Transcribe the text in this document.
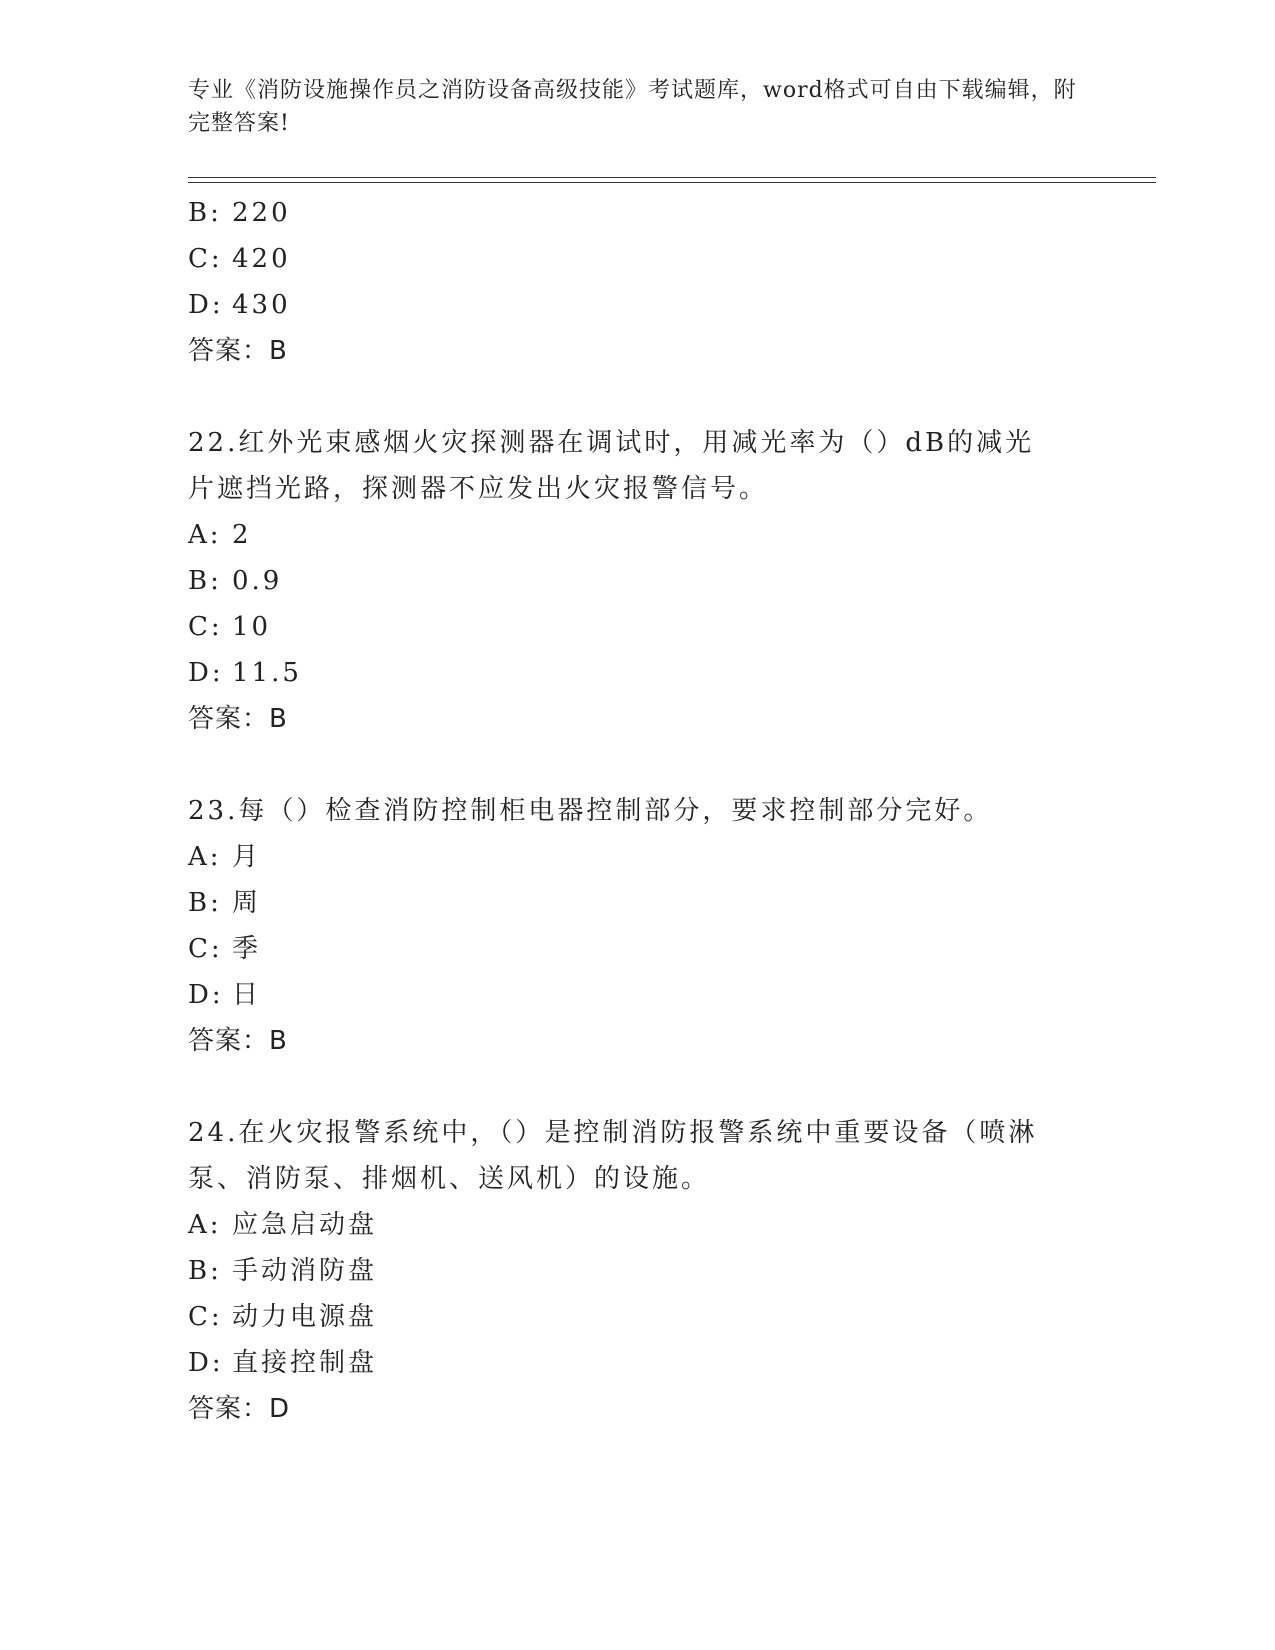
专业《消防设施操作员之消防设备高级技能》考试题库，word格式可自由下载编辑，附完整答案!
B: 220
C: 420
D: 430
答案：B
22.红外光束感烟火灾探测器在调试时，用减光率为（）dB的减光片遮挡光路，探测器不应发出火灾报警信号。
A: 2
B: 0.9
C: 10
D: 11.5
答案：B
23.每（）检查消防控制柜电器控制部分，要求控制部分完好。
A: 月
B: 周
C: 季
D: 日
答案：B
24.在火灾报警系统中，（）是控制消防报警系统中重要设备（喷淋泵、消防泵、排烟机、送风机）的设施。
A: 应急启动盘
B: 手动消防盘
C: 动力电源盘
D: 直接控制盘
答案：D
